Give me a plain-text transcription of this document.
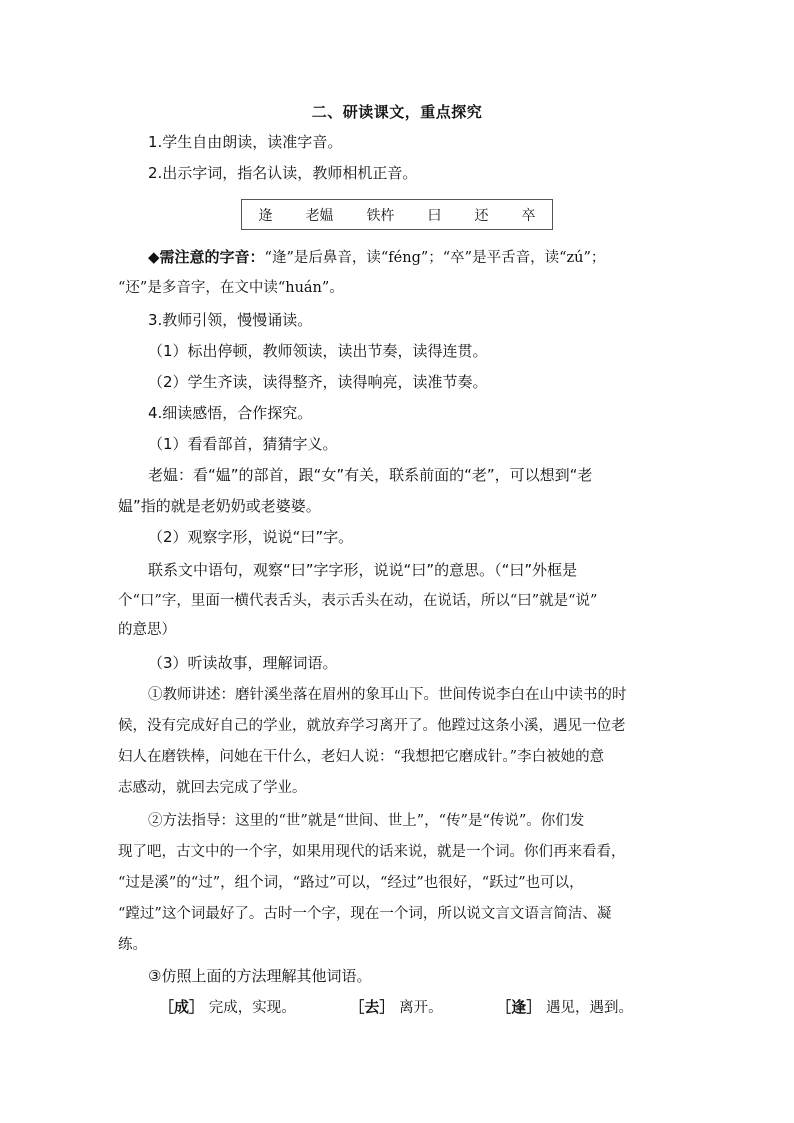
二、研读课文，重点探究
1.学生自由朗读，读准字音。
2.出示字词，指名认读，教师相机正音。
逄 老媪 铁杵 曰 还 卒
◆需注意的字音：“逄”是后鼻音，读“féng”；“卒”是平舌音，读“zú”；
“还”是多音字，在文中读“huán”。
3.教师引领，慢慢诵读。
（1）标出停顿，教师领读，读出节奏，读得连贯。
（2）学生齐读，读得整齐，读得响亮，读准节奏。
4.细读感悟，合作探究。
（1）看看部首，猜猜字义。
老媪：看“媪”的部首，跟“女”有关，联系前面的“老”，可以想到“老
媪”指的就是老奶奶或老婆婆。
（2）观察字形，说说“曰”字。
联系文中语句，观察“曰”字字形，说说“曰”的意思。（“曰”外框是
个“口”字，里面一横代表舌头，表示舌头在动，在说话，所以“曰”就是“说”
的意思）
（3）听读故事，理解词语。
①教师讲述：磨针溪坐落在眉州的象耳山下。世间传说李白在山中读书的时
候，没有完成好自己的学业，就放弃学习离开了。他蹚过这条小溪，遇见一位老
妇人在磨铁棒，问她在干什么，老妇人说：“我想把它磨成针。”李白被她的意
志感动，就回去完成了学业。
②方法指导：这里的“世”就是“世间、世上”，“传”是“传说”。你们发
现了吧，古文中的一个字，如果用现代的话来说，就是一个词。你们再来看看，
“过是溪”的“过”，组个词，“路过”可以，“经过”也很好，“跃过”也可以，
“蹚过”这个词最好了。古时一个字，现在一个词，所以说文言文语言简洁、凝
练。
③仿照上面的方法理解其他词语。
［成］ 完成，实现。	［去］ 离开。	［逢］ 遇见，遇到。
